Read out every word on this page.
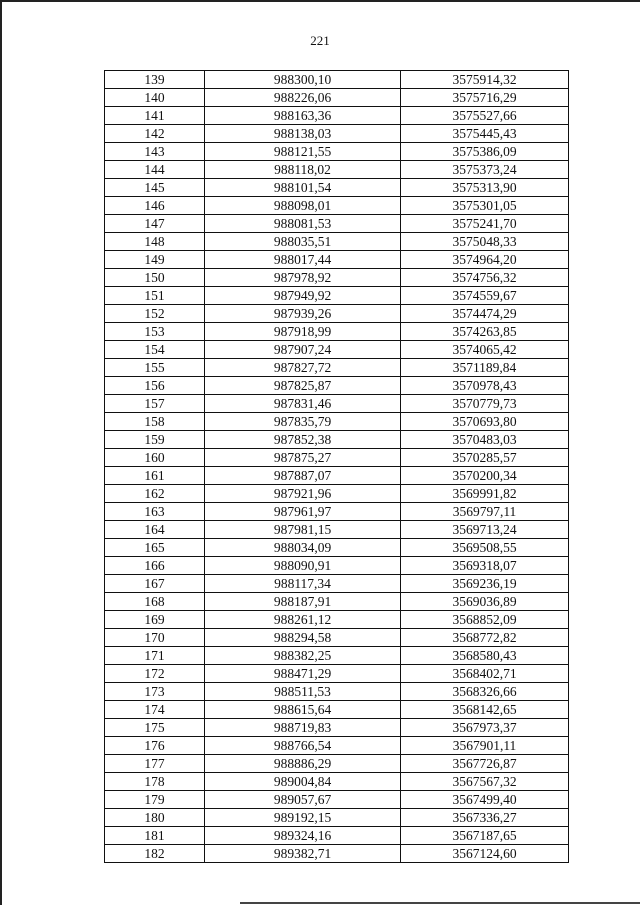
221
139	988300,10	3575914,32
140	988226,06	3575716,29
141	988163,36	3575527,66
142	988138,03	3575445,43
143	988121,55	3575386,09
144	988118,02	3575373,24
145	988101,54	3575313,90
146	988098,01	3575301,05
147	988081,53	3575241,70
148	988035,51	3575048,33
149	988017,44	3574964,20
150	987978,92	3574756,32
151	987949,92	3574559,67
152	987939,26	3574474,29
153	987918,99	3574263,85
154	987907,24	3574065,42
155	987827,72	3571189,84
156	987825,87	3570978,43
157	987831,46	3570779,73
158	987835,79	3570693,80
159	987852,38	3570483,03
160	987875,27	3570285,57
161	987887,07	3570200,34
162	987921,96	3569991,82
163	987961,97	3569797,11
164	987981,15	3569713,24
165	988034,09	3569508,55
166	988090,91	3569318,07
167	988117,34	3569236,19
168	988187,91	3569036,89
169	988261,12	3568852,09
170	988294,58	3568772,82
171	988382,25	3568580,43
172	988471,29	3568402,71
173	988511,53	3568326,66
174	988615,64	3568142,65
175	988719,83	3567973,37
176	988766,54	3567901,11
177	988886,29	3567726,87
178	989004,84	3567567,32
179	989057,67	3567499,40
180	989192,15	3567336,27
181	989324,16	3567187,65
182	989382,71	3567124,60
